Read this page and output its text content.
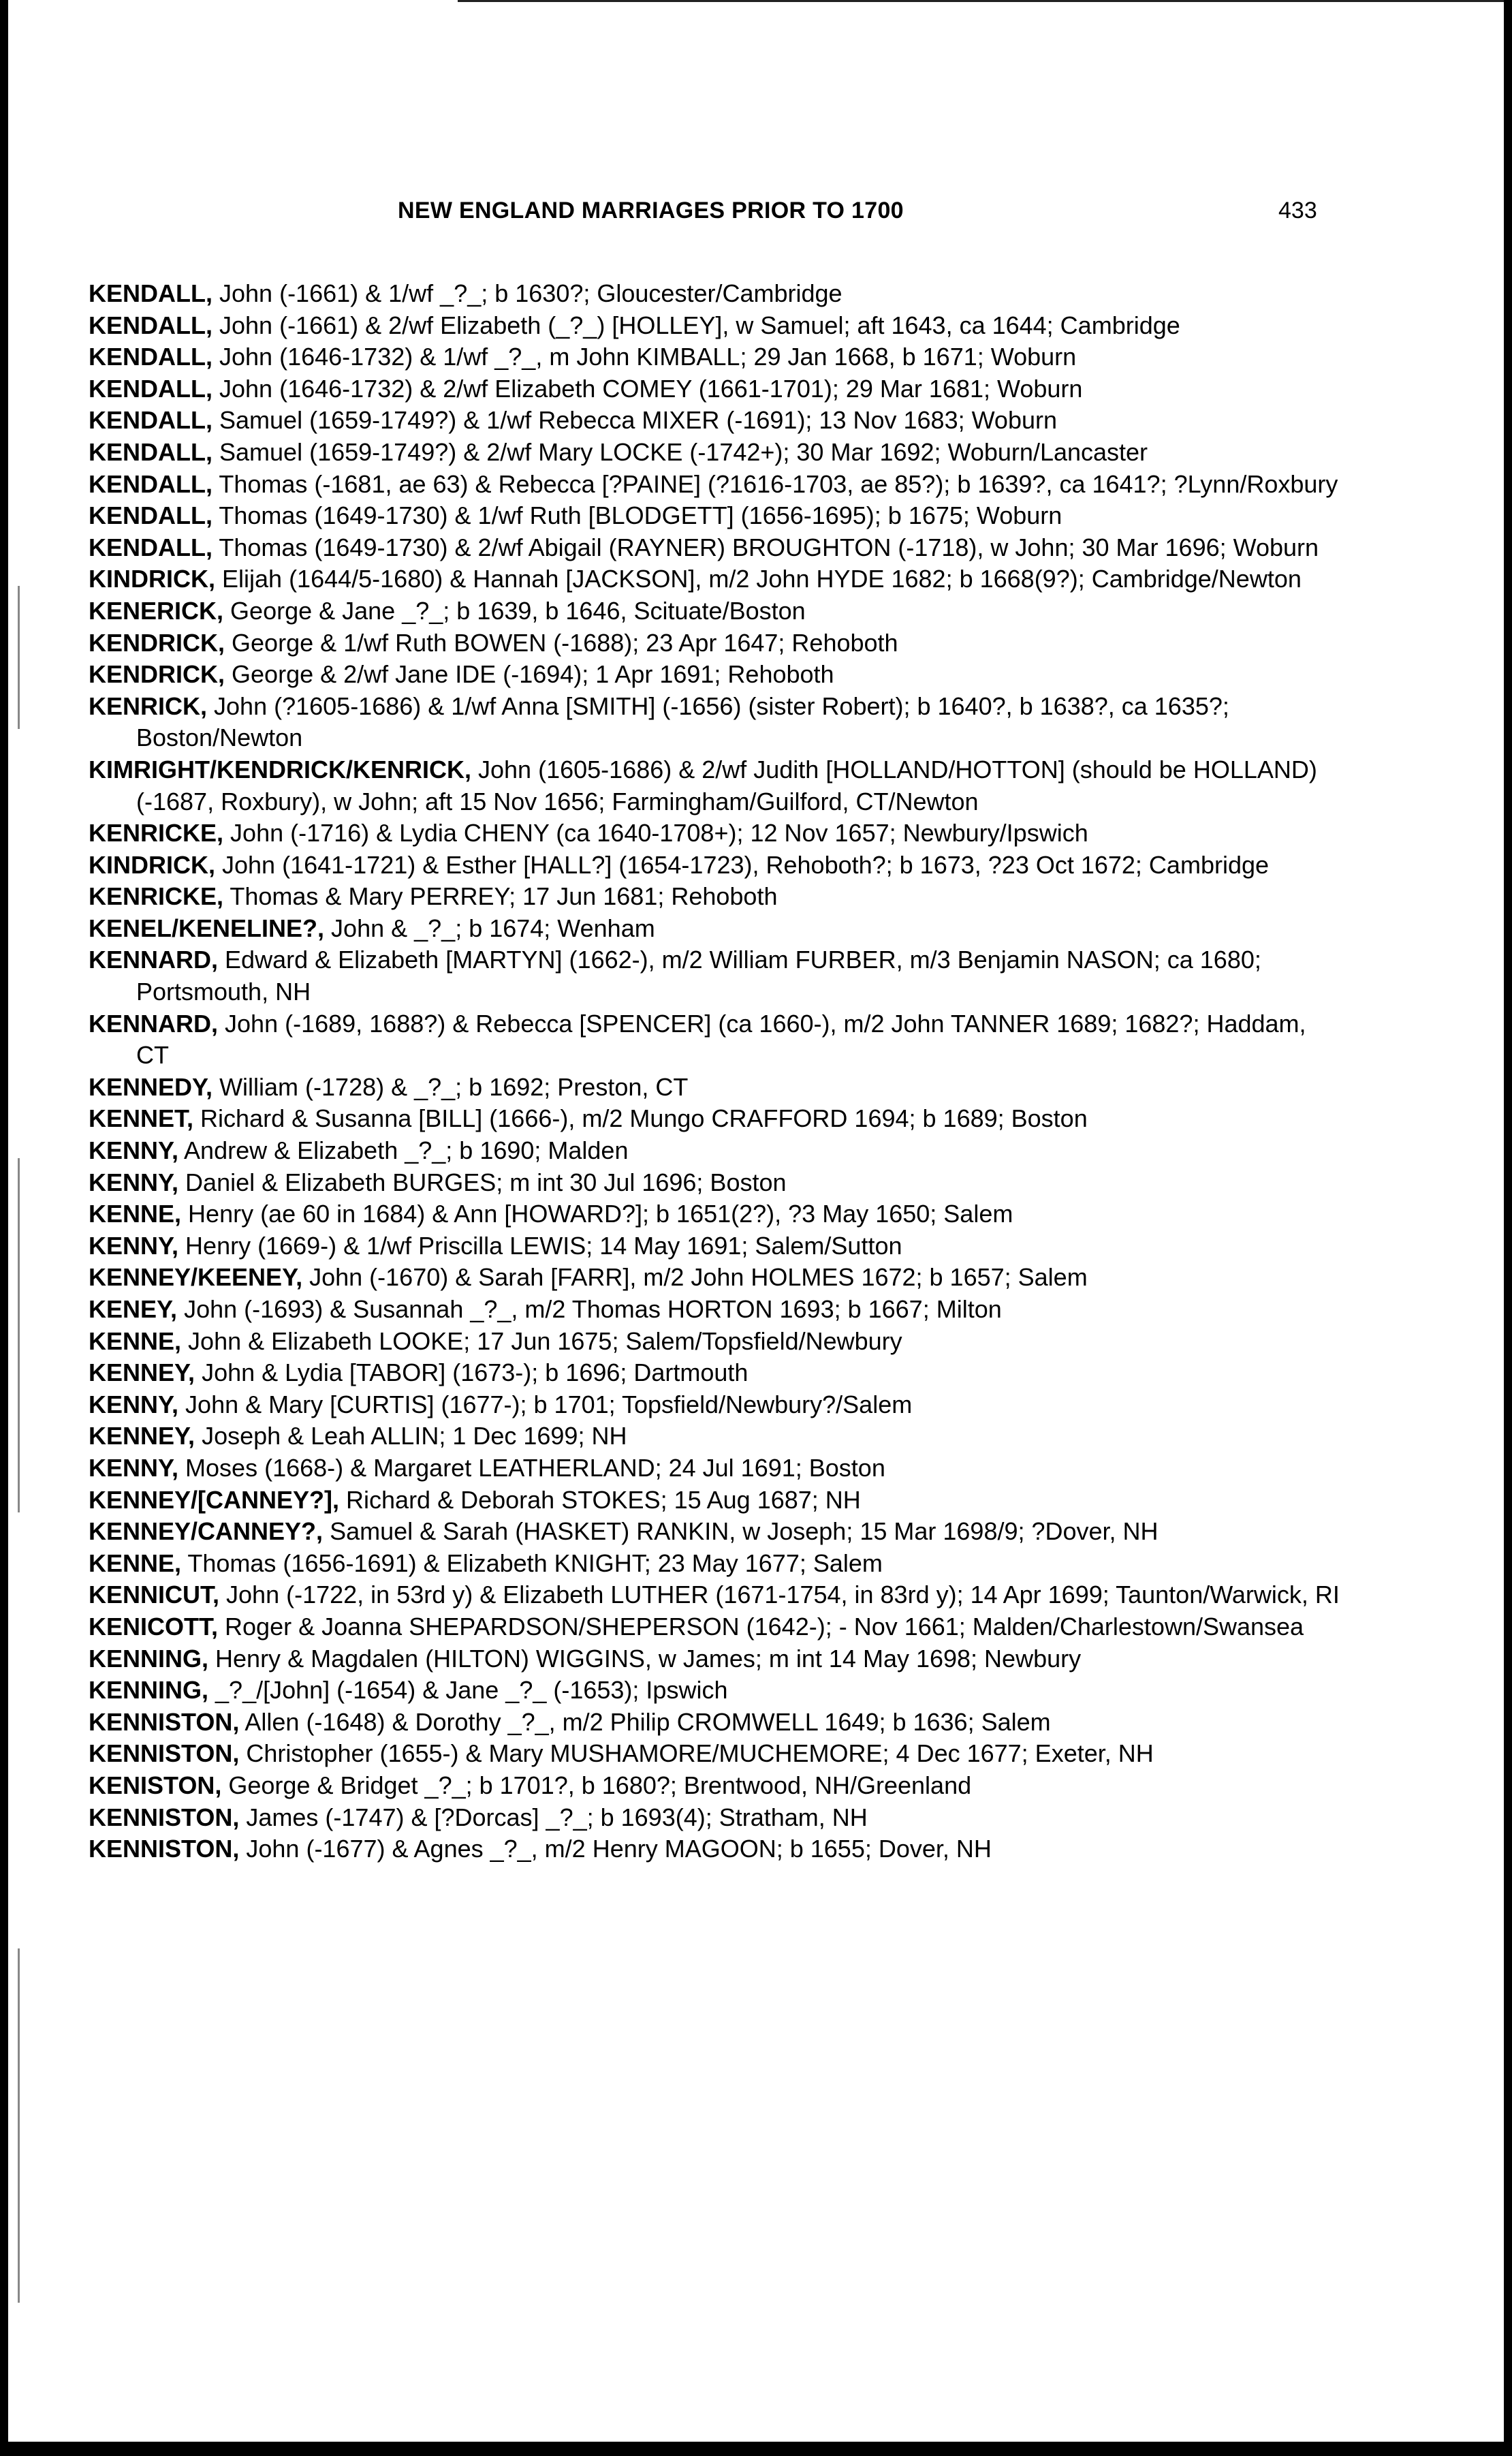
NEW ENGLAND MARRIAGES PRIOR TO 1700	433

KENDALL, John (-1661) & 1/wf _?_; b 1630?; Gloucester/Cambridge

KENDALL, John (-1661) & 2/wf Elizabeth (_?_) [HOLLEY], w Samuel; aft 1643, ca 1644; Cambridge

KENDALL, John (1646-1732) & 1/wf _?_, m John KIMBALL; 29 Jan 1668, b 1671; Woburn

KENDALL, John (1646-1732) & 2/wf Elizabeth COMEY (1661-1701); 29 Mar 1681; Woburn

KENDALL, Samuel (1659-1749?) & 1/wf Rebecca MIXER (-1691); 13 Nov 1683; Woburn

KENDALL, Samuel (1659-1749?) & 2/wf Mary LOCKE (-1742+); 30 Mar 1692; Woburn/Lancaster

KENDALL, Thomas (-1681, ae 63) & Rebecca [?PAINE] (?1616-1703, ae 85?); b 1639?, ca 1641?; ?Lynn/Roxbury

KENDALL, Thomas (1649-1730) & 1/wf Ruth [BLODGETT] (1656-1695); b 1675; Woburn

KENDALL, Thomas (1649-1730) & 2/wf Abigail (RAYNER) BROUGHTON (-1718), w John; 30 Mar 1696; Woburn

KINDRICK, Elijah (1644/5-1680) & Hannah [JACKSON], m/2 John HYDE 1682; b 1668(9?); Cambridge/Newton

KENERICK, George & Jane _?_; b 1639, b 1646, Scituate/Boston

KENDRICK, George & 1/wf Ruth BOWEN (-1688); 23 Apr 1647; Rehoboth

KENDRICK, George & 2/wf Jane IDE (-1694); 1 Apr 1691; Rehoboth

KENRICK, John (?1605-1686) & 1/wf Anna [SMITH] (-1656) (sister Robert); b 1640?, b 1638?, ca 1635?; Boston/Newton

KIMRIGHT/KENDRICK/KENRICK, John (1605-1686) & 2/wf Judith [HOLLAND/HOTTON] (should be HOLLAND) (-1687, Roxbury), w John; aft 15 Nov 1656; Farmingham/Guilford, CT/Newton

KENRICKE, John (-1716) & Lydia CHENY (ca 1640-1708+); 12 Nov 1657; Newbury/Ipswich

KINDRICK, John (1641-1721) & Esther [HALL?] (1654-1723), Rehoboth?; b 1673, ?23 Oct 1672; Cambridge

KENRICKE, Thomas & Mary PERREY; 17 Jun 1681; Rehoboth

KENEL/KENELINE?, John & _?_; b 1674; Wenham

KENNARD, Edward & Elizabeth [MARTYN] (1662-), m/2 William FURBER, m/3 Benjamin NASON; ca 1680; Portsmouth, NH

KENNARD, John (-1689, 1688?) & Rebecca [SPENCER] (ca 1660-), m/2 John TANNER 1689; 1682?; Haddam, CT

KENNEDY, William (-1728) & _?_; b 1692; Preston, CT

KENNET, Richard & Susanna [BILL] (1666-), m/2 Mungo CRAFFORD 1694; b 1689; Boston

KENNY, Andrew & Elizabeth _?_; b 1690; Malden

KENNY, Daniel & Elizabeth BURGES; m int 30 Jul 1696; Boston

KENNE, Henry (ae 60 in 1684) & Ann [HOWARD?]; b 1651(2?), ?3 May 1650; Salem

KENNY, Henry (1669-) & 1/wf Priscilla LEWIS; 14 May 1691; Salem/Sutton

KENNEY/KEENEY, John (-1670) & Sarah [FARR], m/2 John HOLMES 1672; b 1657; Salem

KENEY, John (-1693) & Susannah _?_, m/2 Thomas HORTON 1693; b 1667; Milton

KENNE, John & Elizabeth LOOKE; 17 Jun 1675; Salem/Topsfield/Newbury

KENNEY, John & Lydia [TABOR] (1673-); b 1696; Dartmouth

KENNY, John & Mary [CURTIS] (1677-); b 1701; Topsfield/Newbury?/Salem

KENNEY, Joseph & Leah ALLIN; 1 Dec 1699; NH

KENNY, Moses (1668-) & Margaret LEATHERLAND; 24 Jul 1691; Boston

KENNEY/[CANNEY?], Richard & Deborah STOKES; 15 Aug 1687; NH

KENNEY/CANNEY?, Samuel & Sarah (HASKET) RANKIN, w Joseph; 15 Mar 1698/9; ?Dover, NH

KENNE, Thomas (1656-1691) & Elizabeth KNIGHT; 23 May 1677; Salem

KENNICUT, John (-1722, in 53rd y) & Elizabeth LUTHER (1671-1754, in 83rd y); 14 Apr 1699; Taunton/Warwick, RI

KENICOTT, Roger & Joanna SHEPARDSON/SHEPERSON (1642-); - Nov 1661; Malden/Charlestown/Swansea

KENNING, Henry & Magdalen (HILTON) WIGGINS, w James; m int 14 May 1698; Newbury

KENNING, _?_/[John] (-1654) & Jane _?_ (-1653); Ipswich

KENNISTON, Allen (-1648) & Dorothy _?_, m/2 Philip CROMWELL 1649; b 1636; Salem

KENNISTON, Christopher (1655-) & Mary MUSHAMORE/MUCHEMORE; 4 Dec 1677; Exeter, NH

KENISTON, George & Bridget _?_; b 1701?, b 1680?; Brentwood, NH/Greenland

KENNISTON, James (-1747) & [?Dorcas] _?_; b 1693(4); Stratham, NH

KENNISTON, John (-1677) & Agnes _?_, m/2 Henry MAGOON; b 1655; Dover, NH
